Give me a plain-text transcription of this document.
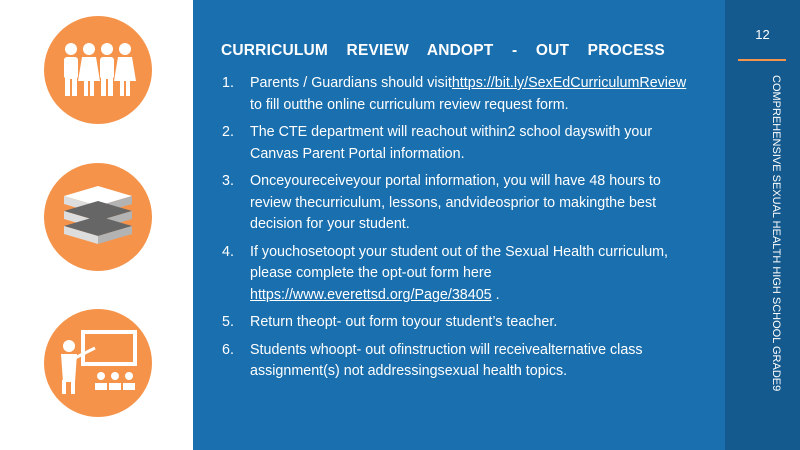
CURRICULUM REVIEW ANDOPT - OUT PROCESS
1. Parents / Guardians should visithttps://bit.ly/SexEdCurriculumReview to fill outthe online curriculum review request form.
2. The CTE department will reachout within2 school dayswith your Canvas Parent Portal information.
3. Onceyoureceiveyour portal information, you will have 48 hours to review thecurriculum, lessons, andvideosprior to makingthe best decision for your student.
4. If youchosetoopt your student out of the Sexual Health curriculum, please complete the opt-out form here https://www.everettsd.org/Page/38405 .
5. Return theopt- out form toyour student’s teacher.
6. Students whoopt- out ofinstruction will receivealternative class assignment(s) not addressingsexual health topics.
12
COMPREHENSIVE SEXUAL HEALTH HIGH SCHOOL GRADE9
